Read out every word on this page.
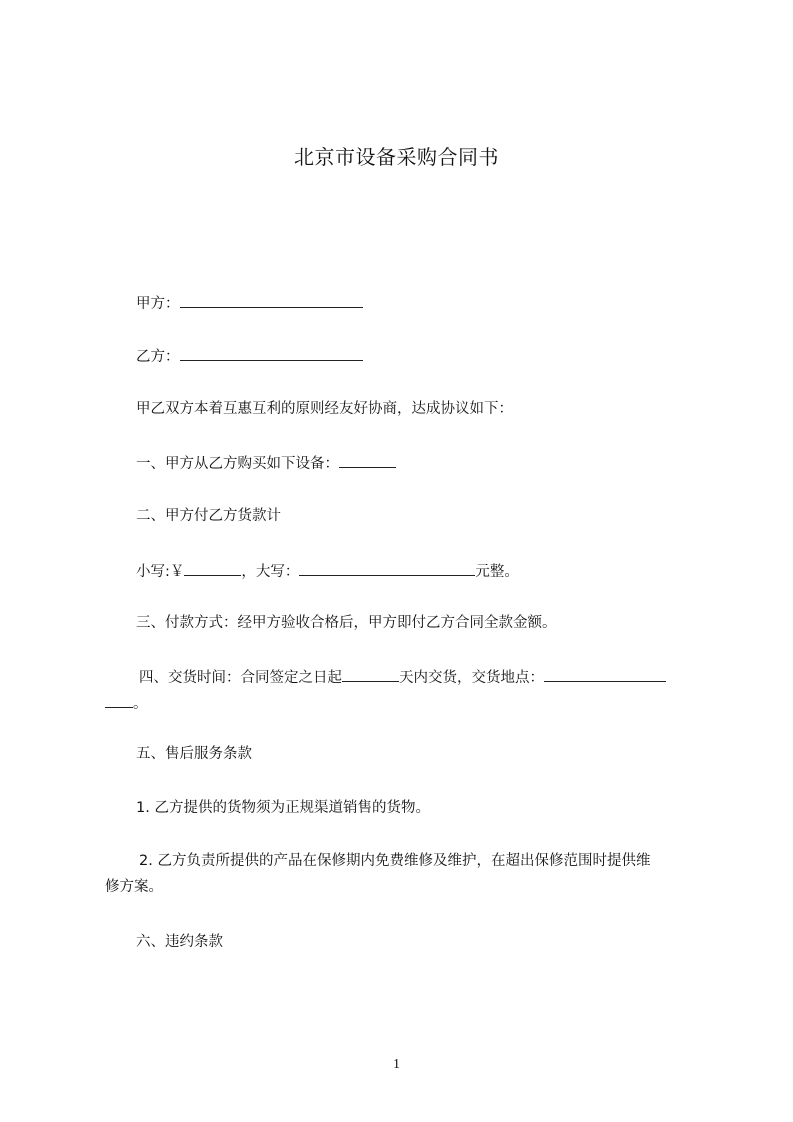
北京市设备采购合同书
甲方：
乙方：
甲乙双方本着互惠互利的原则经友好协商，达成协议如下：
一、甲方从乙方购买如下设备：
二、甲方付乙方货款计
小写:￥	，大写：	元整。
三、付款方式：经甲方验收合格后，甲方即付乙方合同全款金额。
四、交货时间：合同签定之日起	天内交货，交货地点：
。
五、售后服务条款
1. 乙方提供的货物须为正规渠道销售的货物。
2. 乙方负责所提供的产品在保修期内免费维修及维护，在超出保修范围时提供维
修方案。
六、违约条款
1
